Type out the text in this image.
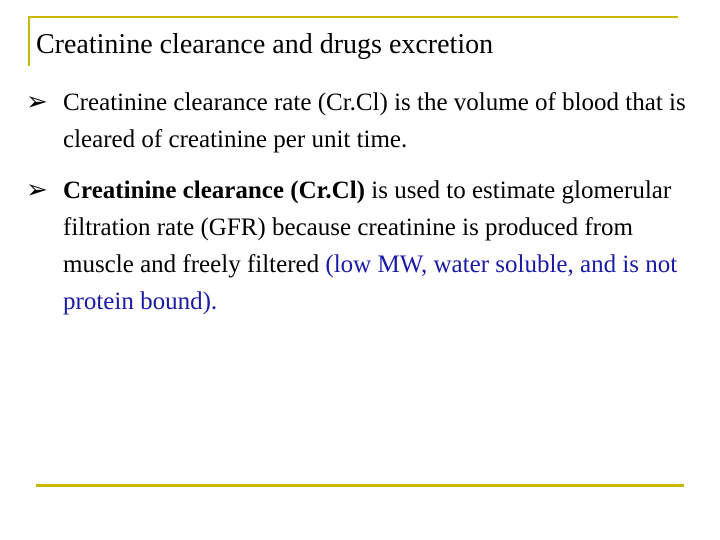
Creatinine clearance and drugs excretion
➢ Creatinine clearance rate (Cr.Cl) is the volume of blood that is cleared of creatinine per unit time.
➢ Creatinine clearance (Cr.Cl) is used to estimate glomerular filtration rate (GFR) because creatinine is produced from muscle and freely filtered (low MW, water soluble, and is not protein bound).
